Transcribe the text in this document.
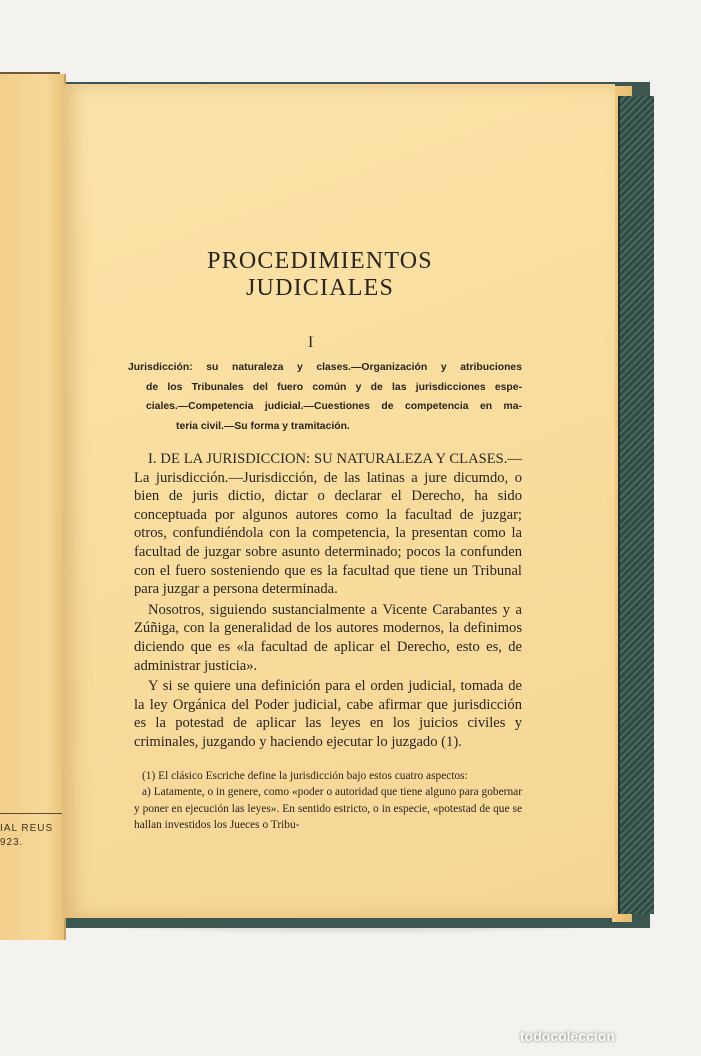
IAL REUS
923.
PROCEDIMIENTOS JUDICIALES
I
Jurisdicción: su naturaleza y clases.—Organización y atribuciones
de los Tribunales del fuero común y de las jurisdicciones espe-
ciales.—Competencia judicial.—Cuestiones de competencia en ma-
teria civil.—Su forma y tramitación.

I. DE LA JURISDICCION: SU NATURALEZA Y CLASES.—La jurisdicción.—Jurisdicción, de las latinas a jure dicumdo, o bien de juris dictio, dictar o declarar el Derecho, ha sido conceptuada por algunos autores como la facultad de juzgar; otros, confundiéndola con la competencia, la presentan como la facultad de juzgar sobre asunto determinado; pocos la confunden con el fuero sosteniendo que es la facultad que tiene un Tribunal para juzgar a persona determinada.

Nosotros, siguiendo sustancialmente a Vicente Carabantes y a Zúñiga, con la generalidad de los autores modernos, la definimos diciendo que es «la facultad de aplicar el Derecho, esto es, de administrar justicia».

Y si se quiere una definición para el orden judicial, tomada de la ley Orgánica del Poder judicial, cabe afirmar que jurisdicción es la potestad de aplicar las leyes en los juicios civiles y criminales, juzgando y haciendo ejecutar lo juzgado (1).

(1) El clásico Escriche define la jurisdicción bajo estos cuatro aspectos:

a) Latamente, o in genere, como «poder o autoridad que tiene alguno para gobernar y poner en ejecución las leyes». En sentido estricto, o in especie, «potestad de que se hallan investidos los Jueces o Tribu-

todocoleccion
